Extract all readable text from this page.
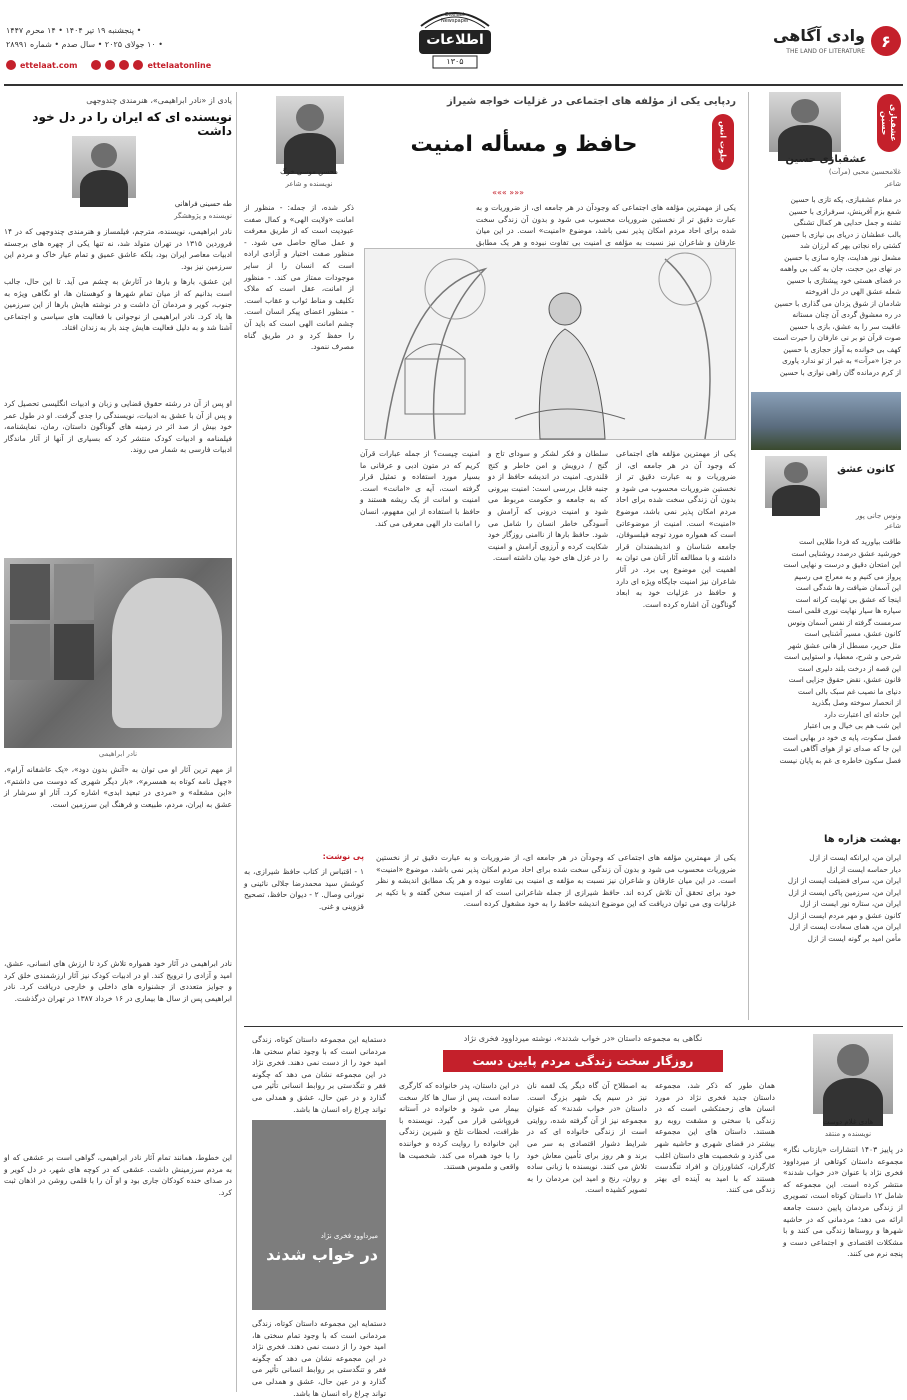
۶
وادی آگاهی
THE LAND OF LITERATURE
Ettelaat Newspaper
اطلاعات
۱۳۰۵
• پنجشنبه ۱۹ تیر ۱۴۰۴ • ۱۴ محرم ۱۴۴۷
• ۱۰ جولای ۲۰۲۵ • سال صدم • شماره ۲۸۹۹۱
ettelaat.com	ettelaatonline
عشقبازی حسین
عشقبازی حسین
غلامحسین محبی (مرآت)
شاعر
در مقام عشقبازی، یکه تازی با حسین
شمع بزم آفرینش، سرفرازی با حسین
تشنه و جمل حدایی هر کمال تشنگی
بالب عطشان ز دریای بی نیازی با حسین
کشتی راه نجاتی بهر که لرزان شد
مشعل نور هدایت، چاره سازی با حسین
در نهای دین حجت، جان به کف بی واهمه
در فضای هستی خود پیشتازی با حسین
شعله عشق الهی در دل افروخته
شادمان از شوق یزدان می گذاری با حسین
در ره معشوق گردی آن چنان مستانه
عاقبت سر را به عشق، بازی با حسین
صوت قرآن تو بر نی عارفان را حیرت است
کهف بی خوانده به آواز حجازی با حسین
در جزا «مرآت» به غیر از تو ندارد یاوری
از کرم درمانده گان راهی نوازی با حسین
کانون عشق
ونوس جانی پور
شاعر
طاقت بیاورید که فردا طلایی است
خورشید عشق درصدد روشنایی است
این امتحان دقیق و درست و نهایی است
پرواز می کنیم و به معراج می رسیم
این آسمان ضیافت رها شدگی است
اینجا که عشق بی نهایت کرانه است
سیاره ها سیار نهایت نوری قلمی است
سرمست گرفته از نفس آسمان ونوس
کانون عشق، مسیر آشنایی است
مثل حریر، مسطل از هانی عشق شهر
شرحی و شرح، معطیا، و استوایی است
این قصه از درخت بلند دلیری است
قانون عشق، نقض حقوق جزایی است
دنیای ما نصیب غم سبک بالی است
از انحصار سوخته وصل بگذرید
این حادثه ای اعتبارت دارد
این شب هم بی خیال و بی اعتبار
فصل سکوت، پایه ی خود در بهایی است
این جا که صدای تو از هوای آگاهی است
فصل سکون خاطره ی غم به پایان نیست
بهشت هزاره ها
ایران من، ایرانکه ایست از ازل
دیار حماسه ایست از ازل
ایران من، سرای فضیلت ایست از ازل
ایران من، سرزمین پاکی ایست از ازل
ایران من، ستاره نور ایست از ازل
کانون عشق و مهر مردم ایست از ازل
ایران من، همای سعادت ایست از ازل
مأمن امید بر گونه ایست از ازل
ردپایی یکی از مؤلفه های اجتماعی در غزلیات خواجه شیراز
حافظ و مسأله امنیت	جلوت انس
««« »»»
محسن موسی خرگ
نویسنده و شاعر
یکی از مهمترین مؤلفه های اجتماعی که وجودآن در هر جامعه ای، از ضروریات و به عبارت دقیق تر از نخستین ضروریات محسوب می شود و بدون آن زندگی سخت شده برای احاد مردم امکان پذیر نمی باشد، موضوع «امنیت» است. در این میان عارفان و شاعران نیز نسبت به مؤلفه ی امنیت بی تفاوت نبوده و هر یک مطابق
ذکر شده، از جمله: - منظور از امانت «ولایت الهی» و کمال صفت عبودیت است که از طریق معرفت و عمل صالح حاصل می شود. - منظور صفت اختیار و آزادی اراده است که انسان را از سایر موجودات ممتاز می کند. - منظور از امانت، عقل است که ملاک تکلیف و مناط ثواب و عقاب است. - منظور اعضای پیکر انسان است. چشم امانت الهی است که باید آن را حفظ کرد و در طریق گناه مصرف ننمود.
یکی از مهمترین مؤلفه های اجتماعی که وجود آن در هر جامعه ای، از ضروریات و به عبارت دقیق تر از نخستین ضروریات محسوب می شود و بدون آن زندگی سخت شده برای احاد مردم امکان پذیر نمی باشد، موضوع «امنیت» است. امنیت از موضوعاتی است که همواره مورد توجه فیلسوفان، جامعه شناسان و اندیشمندان قرار داشته و با مطالعه آثار آنان می توان به اهمیت این موضوع پی برد. در آثار شاعران نیز امنیت جایگاه ویژه ای دارد و حافظ در غزلیات خود به ابعاد گوناگون آن اشاره کرده است.
سلطان و فکر لشکر و سودای تاج و گنج / درویش و امن خاطر و کنج قلندری. امنیت در اندیشه حافظ از دو جنبه قابل بررسی است: امنیت بیرونی که به جامعه و حکومت مربوط می شود و امنیت درونی که آرامش و آسودگی خاطر انسان را شامل می شود. حافظ بارها از ناامنی روزگار خود شکایت کرده و آرزوی آرامش و امنیت را در غزل های خود بیان داشته است.
امنیت چیست؟ از جمله عبارات قرآن کریم که در متون ادبی و عرفانی ما بسیار مورد استفاده و تمثیل قرار گرفته است، آیه ی «امانت» است. امنیت و امانت از یک ریشه هستند و حافظ با استفاده از این مفهوم، انسان را امانت دار الهی معرفی می کند.
پی نوشت:
۱ - اقتباس از کتاب حافظ شیرازی، به کوشش سید محمدرضا جلالی نائینی و نورانی وصال. ۲ - دیوان حافظ، تصحیح قزوینی و غنی.
یکی از مهمترین مؤلفه های اجتماعی که وجودآن در هر جامعه ای، از ضروریات و به عبارت دقیق تر از نخستین ضروریات محسوب می شود و بدون آن زندگی سخت شده برای احاد مردم امکان پذیر نمی باشد، موضوع «امنیت» است. در این میان عارفان و شاعران نیز نسبت به مؤلفه ی امنیت بی تفاوت نبوده و هر یک مطابق اندیشه و نظر خود برای تحقق آن تلاش کرده اند. حافظ شیرازی از جمله شاعرانی است که از امنیت سخن گفته و با تکیه بر غزلیات وی می توان دریافت که این موضوع اندیشه حافظ را به خود مشغول کرده است.
یادی از «نادر ابراهیمی»، هنرمندی چندوجهی
نویسنده ای که ایران را در دل خود داشت
طه حسینی فراهانی
نویسنده و پژوهشگر
نادر ابراهیمی، نویسنده، مترجم، فیلمساز و هنرمندی چندوجهی که در ۱۴ فروردین ۱۳۱۵ در تهران متولد شد، نه تنها یکی از چهره های برجسته ادبیات معاصر ایران بود، بلکه عاشق عمیق و تمام عیار خاک و مردم این سرزمین نیز بود.
این عشق، بارها و بارها در آثارش به چشم می آید. تا این حال، جالب است بدانیم که از میان تمام شهرها و کوهستان ها، او نگاهی ویژه به جنوب، کویر و مردمان آن داشت و در نوشته هایش بارها از این سرزمین ها یاد کرد. نادر ابراهیمی از نوجوانی با فعالیت های سیاسی و اجتماعی آشنا شد و به دلیل فعالیت هایش چند بار به زندان افتاد.
او پس از آن در رشته حقوق قضایی و زبان و ادبیات انگلیسی تحصیل کرد و پس از آن با عشق به ادبیات، نویسندگی را جدی گرفت. او در طول عمر خود بیش از صد اثر در زمینه های گوناگون داستان، رمان، نمایشنامه، فیلمنامه و ادبیات کودک منتشر کرد که بسیاری از آنها از آثار ماندگار ادبیات فارسی به شمار می روند.
نادر ابراهیمی
از مهم ترین آثار او می توان به «آتش بدون دود»، «یک عاشقانه آرام»، «چهل نامه کوتاه به همسرم»، «بار دیگر شهری که دوست می داشتم»، «ابن مشغله» و «مردی در تبعید ابدی» اشاره کرد. آثار او سرشار از عشق به ایران، مردم، طبیعت و فرهنگ این سرزمین است.
نادر ابراهیمی در آثار خود همواره تلاش کرد تا ارزش های انسانی، عشق، امید و آزادی را ترویج کند. او در ادبیات کودک نیز آثار ارزشمندی خلق کرد و جوایز متعددی از جشنواره های داخلی و خارجی دریافت کرد. نادر ابراهیمی پس از سال ها بیماری در ۱۶ خرداد ۱۳۸۷ در تهران درگذشت.
این خطوط، همانند تمام آثار نادر ابراهیمی، گواهی است بر عشقی که او به مردم سرزمینش داشت. عشقی که در کوچه های شهر، در دل کویر و در صدای خنده کودکان جاری بود و او آن را با قلمی روشن در اذهان ثبت کرد.
نگاهی به مجموعه داستان «در خواب شدند»، نوشته میرداوود فخری نژاد
روزگار سخت زندگی مردم پایین دست
هادی غلام دوست
نویسنده و منتقد
در پاییز ۱۴۰۳ انتشارات «بازتاب نگار» مجموعه داستان کوتاهی از میرداوود فخری نژاد با عنوان «در خواب شدند» منتشر کرده است. این مجموعه که شامل ۱۲ داستان کوتاه است، تصویری از زندگی مردمان پایین دست جامعه ارائه می دهد؛ مردمانی که در حاشیه شهرها و روستاها زندگی می کنند و با مشکلات اقتصادی و اجتماعی دست و پنجه نرم می کنند.
همان طور که ذکر شد، مجموعه داستان جدید فخری نژاد در مورد انسان های زحمتکشی است که در زندگی با سختی و مشقت روبه رو هستند. داستان های این مجموعه بیشتر در فضای شهری و حاشیه شهر می گذرد و شخصیت های داستان اغلب کارگران، کشاورزان و افراد تنگدست هستند که با امید به آینده ای بهتر زندگی می کنند.
به اصطلاح آن گاه دیگر یک لقمه نان نیز در سیم یک شهر بزرگ است. داستان «در خواب شدند» که عنوان مجموعه نیز از آن گرفته شده، روایتی است از زندگی خانواده ای که در شرایط دشوار اقتصادی به سر می برند و هر روز برای تأمین معاش خود تلاش می کنند. نویسنده با زبانی ساده و روان، رنج و امید این مردمان را به تصویر کشیده است.
در این داستان، پدر خانواده که کارگری ساده است، پس از سال ها کار سخت بیمار می شود و خانواده در آستانه فروپاشی قرار می گیرد. نویسنده با ظرافت، لحظات تلخ و شیرین زندگی این خانواده را روایت کرده و خواننده را با خود همراه می کند. شخصیت ها واقعی و ملموس هستند.
میرداوود فخری نژاد
در خواب شدند
دستمایه این مجموعه داستان کوتاه، زندگی مردمانی است که با وجود تمام سختی ها، امید خود را از دست نمی دهند. فخری نژاد در این مجموعه نشان می دهد که چگونه فقر و تنگدستی بر روابط انسانی تأثیر می گذارد و در عین حال، عشق و همدلی می تواند چراغ راه انسان ها باشد.
دستمایه این مجموعه داستان کوتاه، زندگی مردمانی است که با وجود تمام سختی ها، امید خود را از دست نمی دهند. فخری نژاد در این مجموعه نشان می دهد که چگونه فقر و تنگدستی بر روابط انسانی تأثیر می گذارد و در عین حال، عشق و همدلی می تواند چراغ راه انسان ها باشد.
